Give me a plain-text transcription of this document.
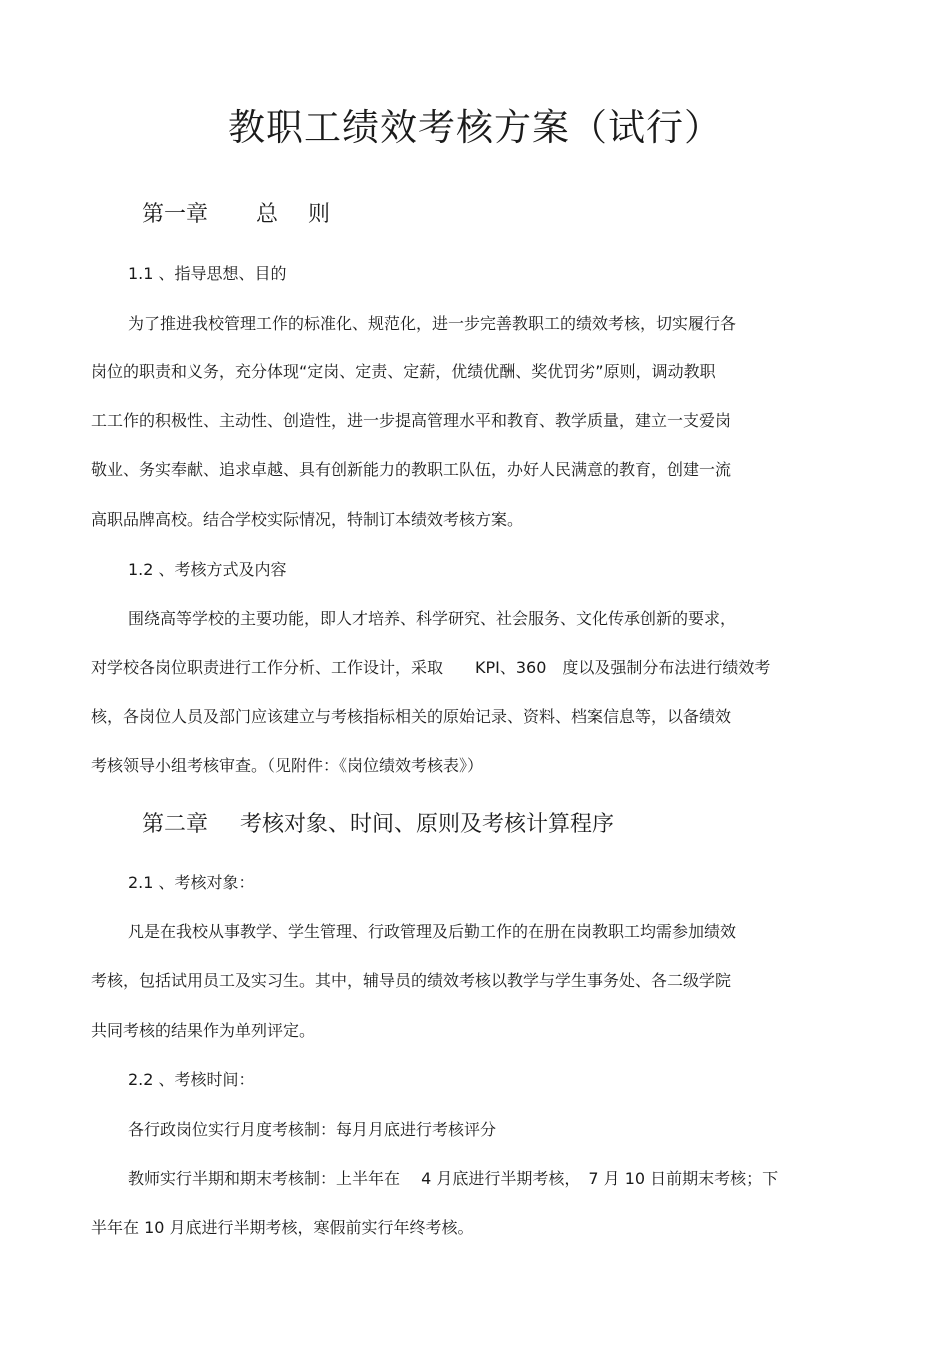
教职工绩效考核方案（试行）
第一章 总 则

1.1 、指导思想、目的

为了推进我校管理工作的标准化、规范化，进一步完善教职工的绩效考核，切实履行各
岗位的职责和义务，充分体现“定岗、定责、定薪，优绩优酬、奖优罚劣”原则，调动教职
工工作的积极性、主动性、创造性，进一步提高管理水平和教育、教学质量，建立一支爱岗
敬业、务实奉献、追求卓越、具有创新能力的教职工队伍，办好人民满意的教育，创建一流
高职品牌高校。结合学校实际情况，特制订本绩效考核方案。

1.2 、考核方式及内容

围绕高等学校的主要功能，即人才培养、科学研究、社会服务、文化传承创新的要求，
对学校各岗位职责进行工作分析、工作设计，采取　　KPI、360　度以及强制分布法进行绩效考
核，各岗位人员及部门应该建立与考核指标相关的原始记录、资料、档案信息等，以备绩效
考核领导小组考核审查。（见附件：《岗位绩效考核表》）
第二章 考核对象、时间、原则及考核计算程序

2.1 、考核对象：

凡是在我校从事教学、学生管理、行政管理及后勤工作的在册在岗教职工均需参加绩效
考核，包括试用员工及实习生。其中，辅导员的绩效考核以教学与学生事务处、各二级学院
共同考核的结果作为单列评定。

2.2 、考核时间：

各行政岗位实行月度考核制：每月月底进行考核评分
教师实行半期和期末考核制：上半年在　 4 月底进行半期考核，　7 月 10 日前期末考核；下
半年在 10 月底进行半期考核，寒假前实行年终考核。
